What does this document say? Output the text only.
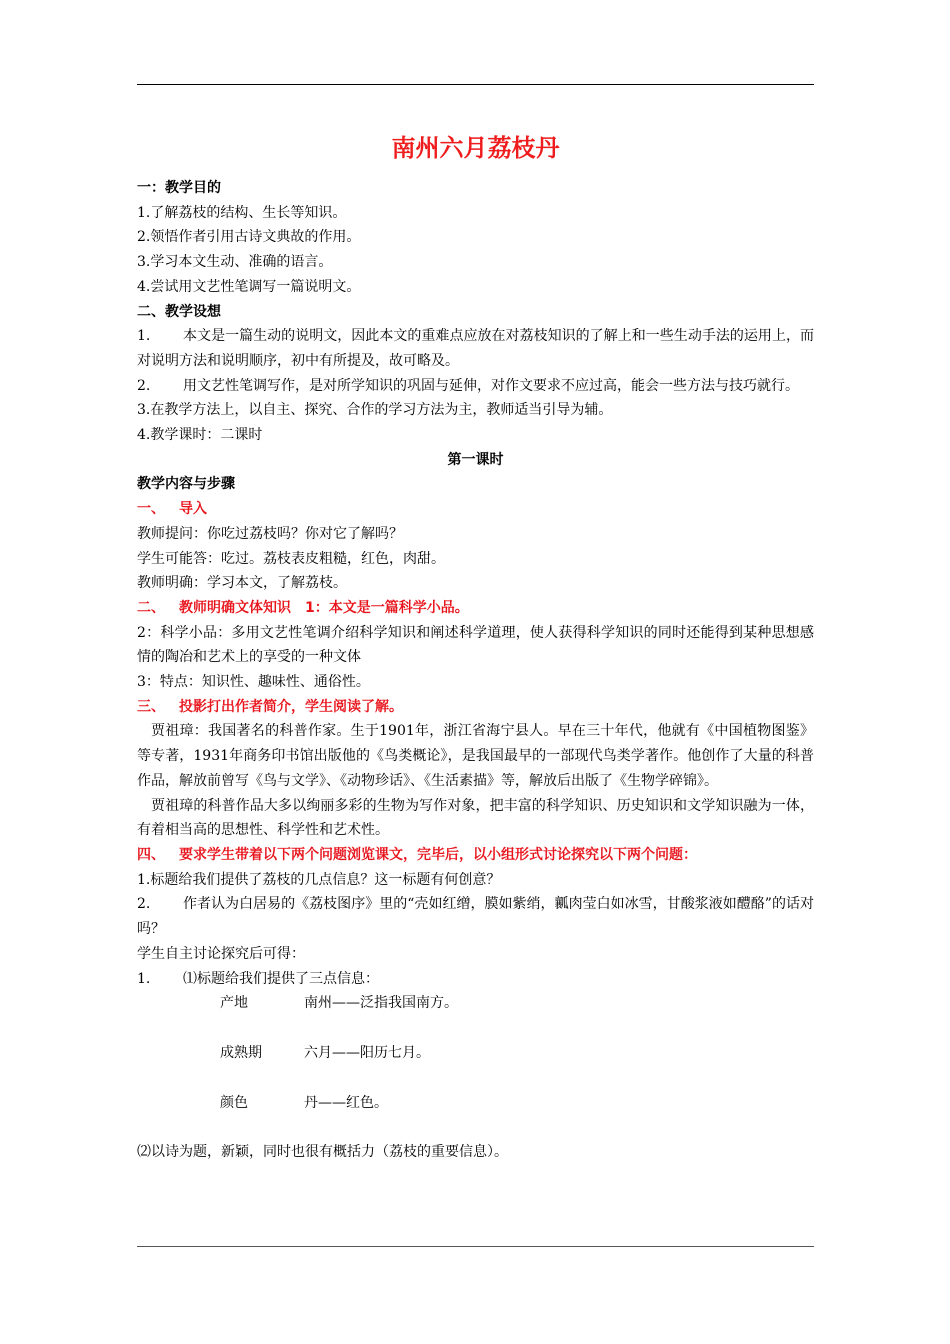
南州六月荔枝丹

一：教学目的

1.了解荔枝的结构、生长等知识。

2.领悟作者引用古诗文典故的作用。

3.学习本文生动、准确的语言。

4.尝试用文艺性笔调写一篇说明文。

二、教学设想

1. 本文是一篇生动的说明文，因此本文的重难点应放在对荔枝知识的了解上和一些生动手法的运用上，而对说明方法和说明顺序，初中有所提及，故可略及。

2. 用文艺性笔调写作，是对所学知识的巩固与延伸，对作文要求不应过高，能会一些方法与技巧就行。

3.在教学方法上，以自主、探究、合作的学习方法为主，教师适当引导为辅。

4.教学课时：二课时

第一课时

教学内容与步骤

一、 导入

教师提问：你吃过荔枝吗？你对它了解吗？

学生可能答：吃过。荔枝表皮粗糙，红色，肉甜。

教师明确：学习本文，了解荔枝。

二、 教师明确文体知识　1：本文是一篇科学小品。

2：科学小品：多用文艺性笔调介绍科学知识和阐述科学道理，使人获得科学知识的同时还能得到某种思想感情的陶冶和艺术上的享受的一种文体

3：特点：知识性、趣味性、通俗性。

三、 投影打出作者简介，学生阅读了解。

贾祖璋：我国著名的科普作家。生于1901年，浙江省海宁县人。早在三十年代，他就有《中国植物图鉴》等专著，1931年商务印书馆出版他的《鸟类概论》，是我国最早的一部现代鸟类学著作。他创作了大量的科普作品，解放前曾写《鸟与文学》、《动物珍话》、《生活素描》等，解放后出版了《生物学碎锦》。

贾祖璋的科普作品大多以绚丽多彩的生物为写作对象，把丰富的科学知识、历史知识和文学知识融为一体，有着相当高的思想性、科学性和艺术性。

四、 要求学生带着以下两个问题浏览课文，完毕后，以小组形式讨论探究以下两个问题：

1.标题给我们提供了荔枝的几点信息？这一标题有何创意？

2. 作者认为白居易的《荔枝图序》里的“壳如红缯，膜如紫绡，瓤肉莹白如冰雪，甘酸浆液如醴酪”的话对吗？

学生自主讨论探究后可得：

1. ⑴标题给我们提供了三点信息：

产地	南州——泛指我国南方。

成熟期	六月——阳历七月。

颜色	丹——红色。

⑵以诗为题，新颖，同时也很有概括力（荔枝的重要信息）。
